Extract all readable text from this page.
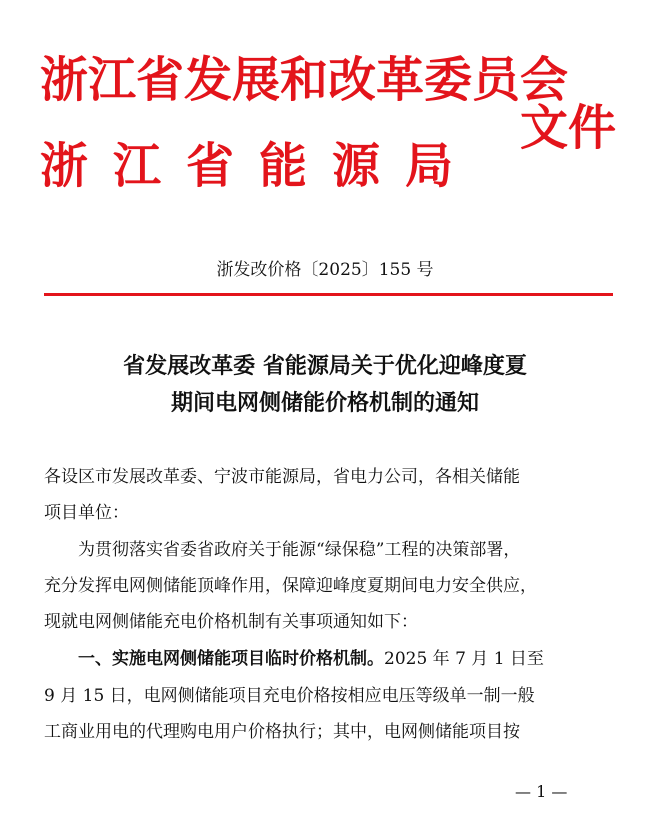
浙江省发展和改革委员会
浙江省能源局
文件
浙发改价格〔2025〕155 号
省发展改革委 省能源局关于优化迎峰度夏
期间电网侧储能价格机制的通知
各设区市发展改革委、宁波市能源局，省电力公司，各相关储能
项目单位：
　　为贯彻落实省委省政府关于能源“绿保稳”工程的决策部署，
充分发挥电网侧储能顶峰作用，保障迎峰度夏期间电力安全供应，
现就电网侧储能充电价格机制有关事项通知如下：
　　一、实施电网侧储能项目临时价格机制。2025 年 7 月 1 日至
9 月 15 日，电网侧储能项目充电价格按相应电压等级单一制一般
工商业用电的代理购电用户价格执行；其中，电网侧储能项目按
— 1 —
